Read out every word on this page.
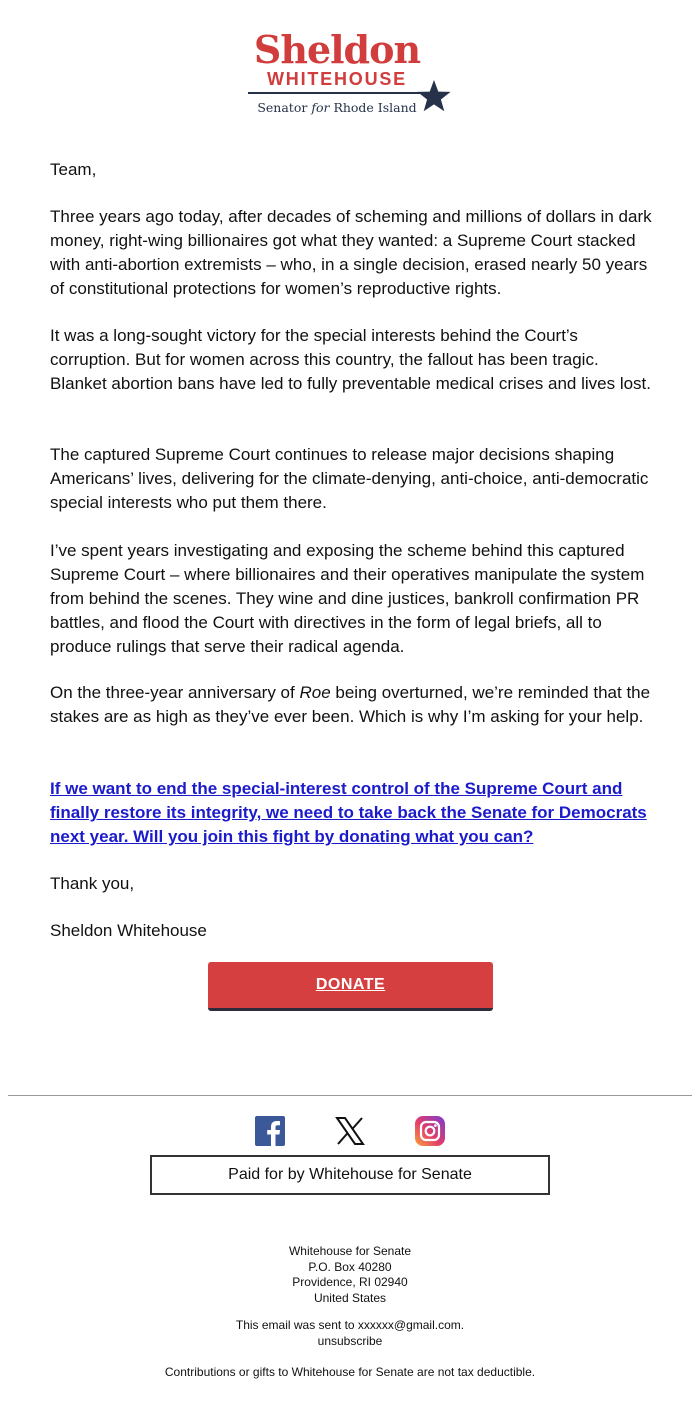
Sheldon
WHITEHOUSE
Senator for Rhode Island

Team,

Three years ago today, after decades of scheming and millions of dollars in dark money, right-wing billionaires got what they wanted: a Supreme Court stacked with anti-abortion extremists – who, in a single decision, erased nearly 50 years of constitutional protections for women’s reproductive rights.

It was a long-sought victory for the special interests behind the Court’s corruption. But for women across this country, the fallout has been tragic. Blanket abortion bans have led to fully preventable medical crises and lives lost.

The captured Supreme Court continues to release major decisions shaping Americans’ lives, delivering for the climate-denying, anti-choice, anti-democratic special interests who put them there.

I’ve spent years investigating and exposing the scheme behind this captured Supreme Court – where billionaires and their operatives manipulate the system from behind the scenes. They wine and dine justices, bankroll confirmation PR battles, and flood the Court with directives in the form of legal briefs, all to produce rulings that serve their radical agenda.

On the three-year anniversary of Roe being overturned, we’re reminded that the stakes are as high as they’ve ever been. Which is why I’m asking for your help.

If we want to end the special-interest control of the Supreme Court and finally restore its integrity, we need to take back the Senate for Democrats next year. Will you join this fight by donating what you can?

Thank you,

Sheldon Whitehouse

DONATE
Paid for by Whitehouse for Senate
Whitehouse for Senate
P.O. Box 40280
Providence, RI 02940
United States
This email was sent to xxxxxx@gmail.com.
unsubscribe
Contributions or gifts to Whitehouse for Senate are not tax deductible.
